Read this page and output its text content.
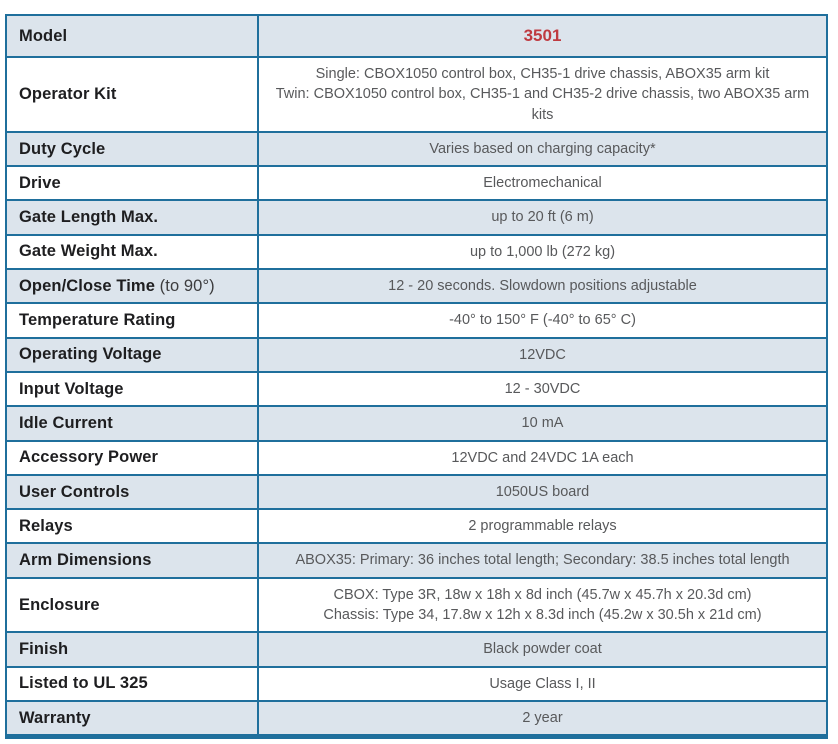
Model	3501

Operator Kit	Single: CBOX1050 control box, CH35-1 drive chassis, ABOX35 arm kit
Twin: CBOX1050 control box, CH35-1 and CH35-2 drive chassis, two ABOX35 arm kits

Duty Cycle	Varies based on charging capacity*

Drive	Electromechanical

Gate Length Max.	up to 20 ft (6 m)

Gate Weight Max.	up to 1,000 lb (272 kg)

Open/Close Time (to 90°)	12 - 20 seconds. Slowdown positions adjustable

Temperature Rating	-40° to 150° F (-40° to 65° C)

Operating Voltage	12VDC

Input Voltage	12 - 30VDC

Idle Current	10 mA

Accessory Power	12VDC and 24VDC 1A each

User Controls	1050US board

Relays	2 programmable relays

Arm Dimensions	ABOX35: Primary: 36 inches total length; Secondary: 38.5 inches total length

Enclosure	CBOX: Type 3R, 18w x 18h x 8d inch (45.7w x 45.7h x 20.3d cm)
Chassis: Type 34, 17.8w x 12h x 8.3d inch (45.2w x 30.5h x 21d cm)

Finish	Black powder coat

Listed to UL 325	Usage Class I, II

Warranty	2 year
